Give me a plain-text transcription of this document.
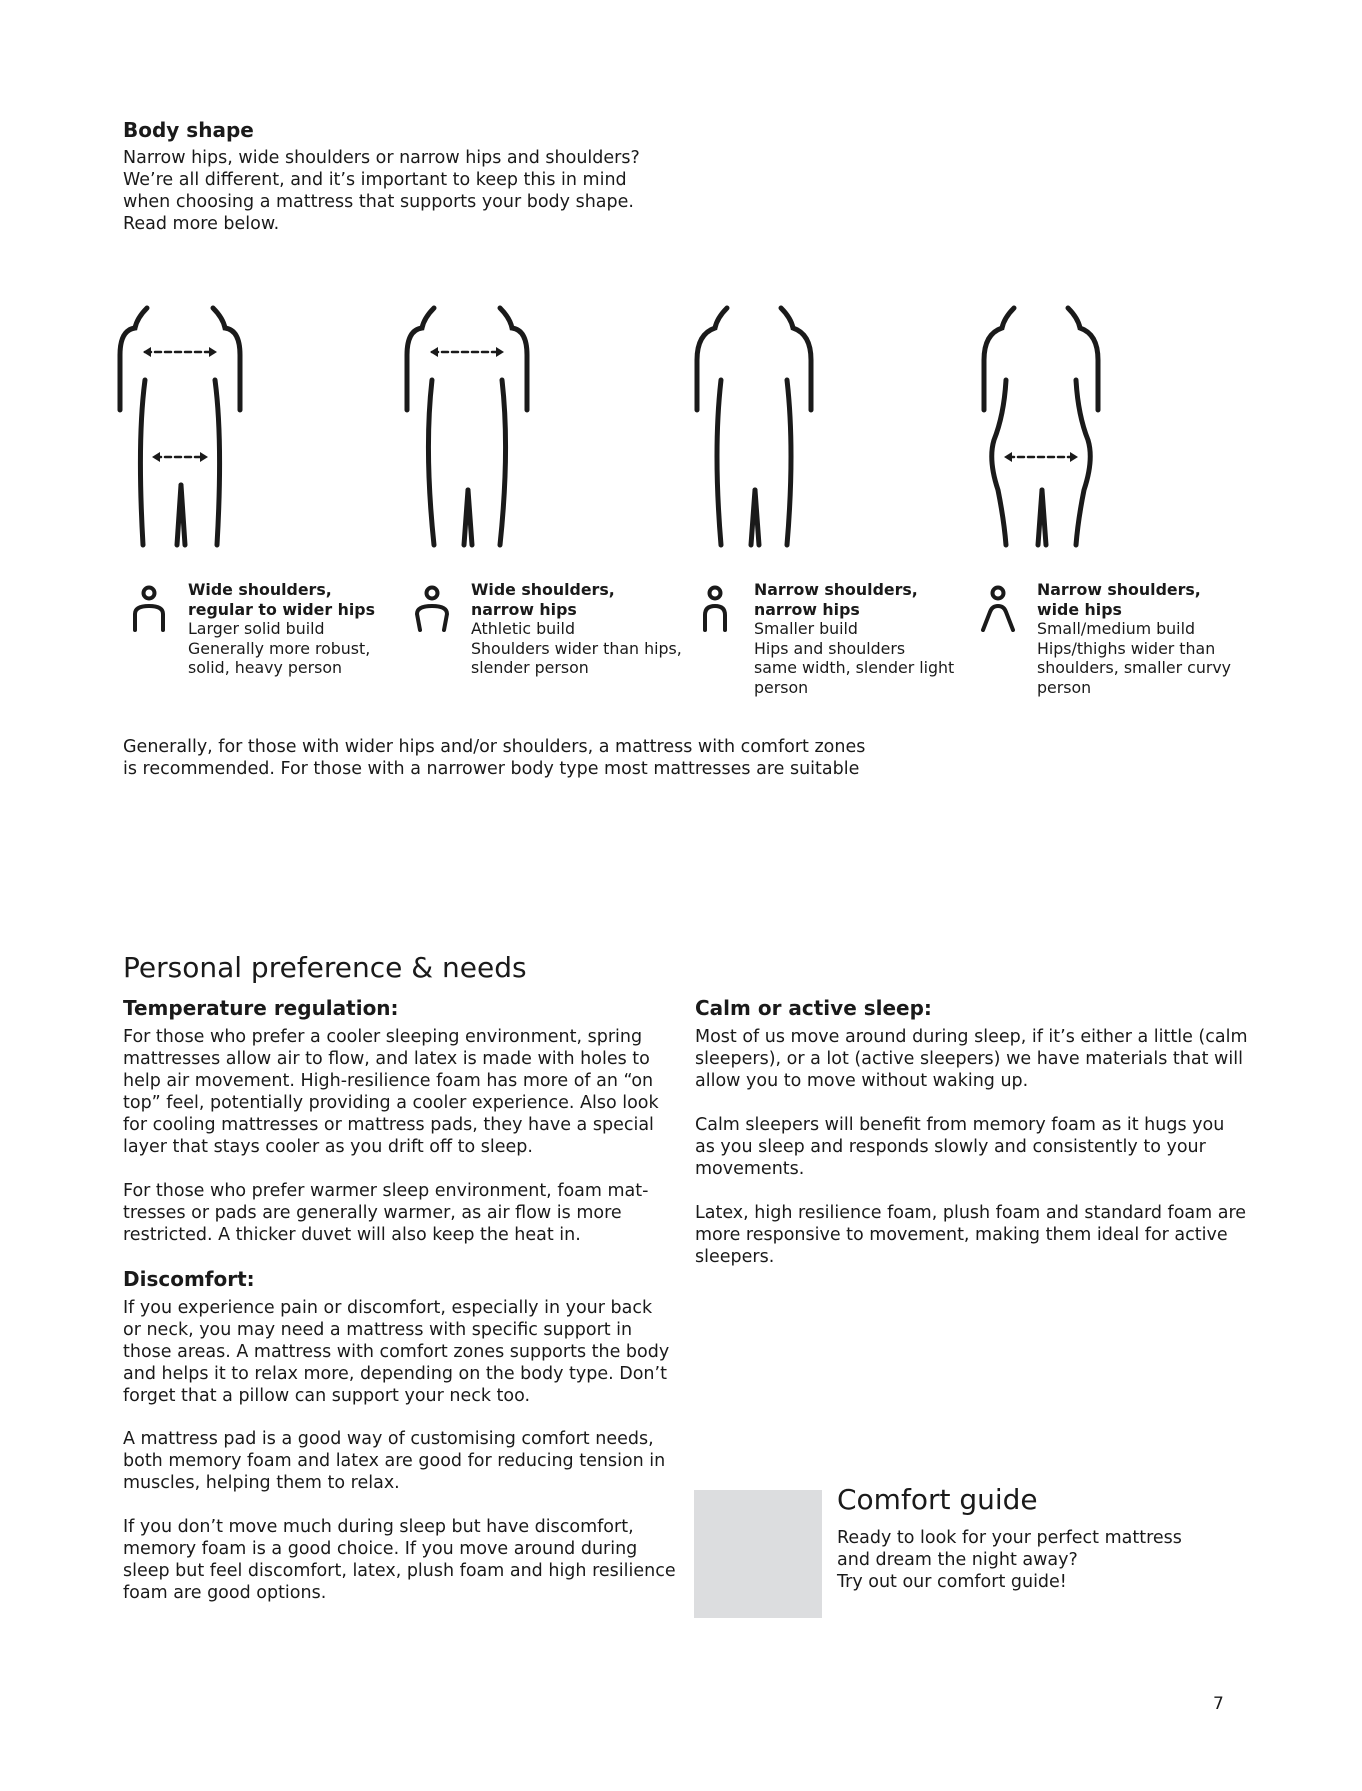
Body shape
Narrow hips, wide shoulders or narrow hips and shoulders?
We’re all different, and it’s important to keep this in mind
when choosing a mattress that supports your body shape.
Read more below.
Wide shoulders,
regular to wider hips
Larger solid build
Generally more robust,
solid, heavy person
Wide shoulders,
narrow hips
Athletic build
Shoulders wider than hips,
slender person
Narrow shoulders,
narrow hips
Smaller build
Hips and shoulders
same width, slender light
person
Narrow shoulders,
wide hips
Small/medium build
Hips/thighs wider than
shoulders, smaller curvy
person
Generally, for those with wider hips and/or shoulders, a mattress with comfort zones
is recommended. For those with a narrower body type most mattresses are suitable
Personal preference & needs
Temperature regulation:
For those who prefer a cooler sleeping environment, spring
mattresses allow air to flow, and latex is made with holes to
help air movement. High-resilience foam has more of an “on
top” feel, potentially providing a cooler experience. Also look
for cooling mattresses or mattress pads, they have a special
layer that stays cooler as you drift off to sleep.
For those who prefer warmer sleep environment, foam mat-
tresses or pads are generally warmer, as air flow is more
restricted. A thicker duvet will also keep the heat in.
Discomfort:
If you experience pain or discomfort, especially in your back
or neck, you may need a mattress with specific support in
those areas. A mattress with comfort zones supports the body
and helps it to relax more, depending on the body type. Don’t
forget that a pillow can support your neck too.
A mattress pad is a good way of customising comfort needs,
both memory foam and latex are good for reducing tension in
muscles, helping them to relax.
If you don’t move much during sleep but have discomfort,
memory foam is a good choice. If you move around during
sleep but feel discomfort, latex, plush foam and high resilience
foam are good options.
Calm or active sleep:
Most of us move around during sleep, if it’s either a little (calm
sleepers), or a lot (active sleepers) we have materials that will
allow you to move without waking up.
Calm sleepers will benefit from memory foam as it hugs you
as you sleep and responds slowly and consistently to your
movements.
Latex, high resilience foam, plush foam and standard foam are
more responsive to movement, making them ideal for active
sleepers.
Comfort guide
Ready to look for your perfect mattress
and dream the night away?
Try out our comfort guide!
7
